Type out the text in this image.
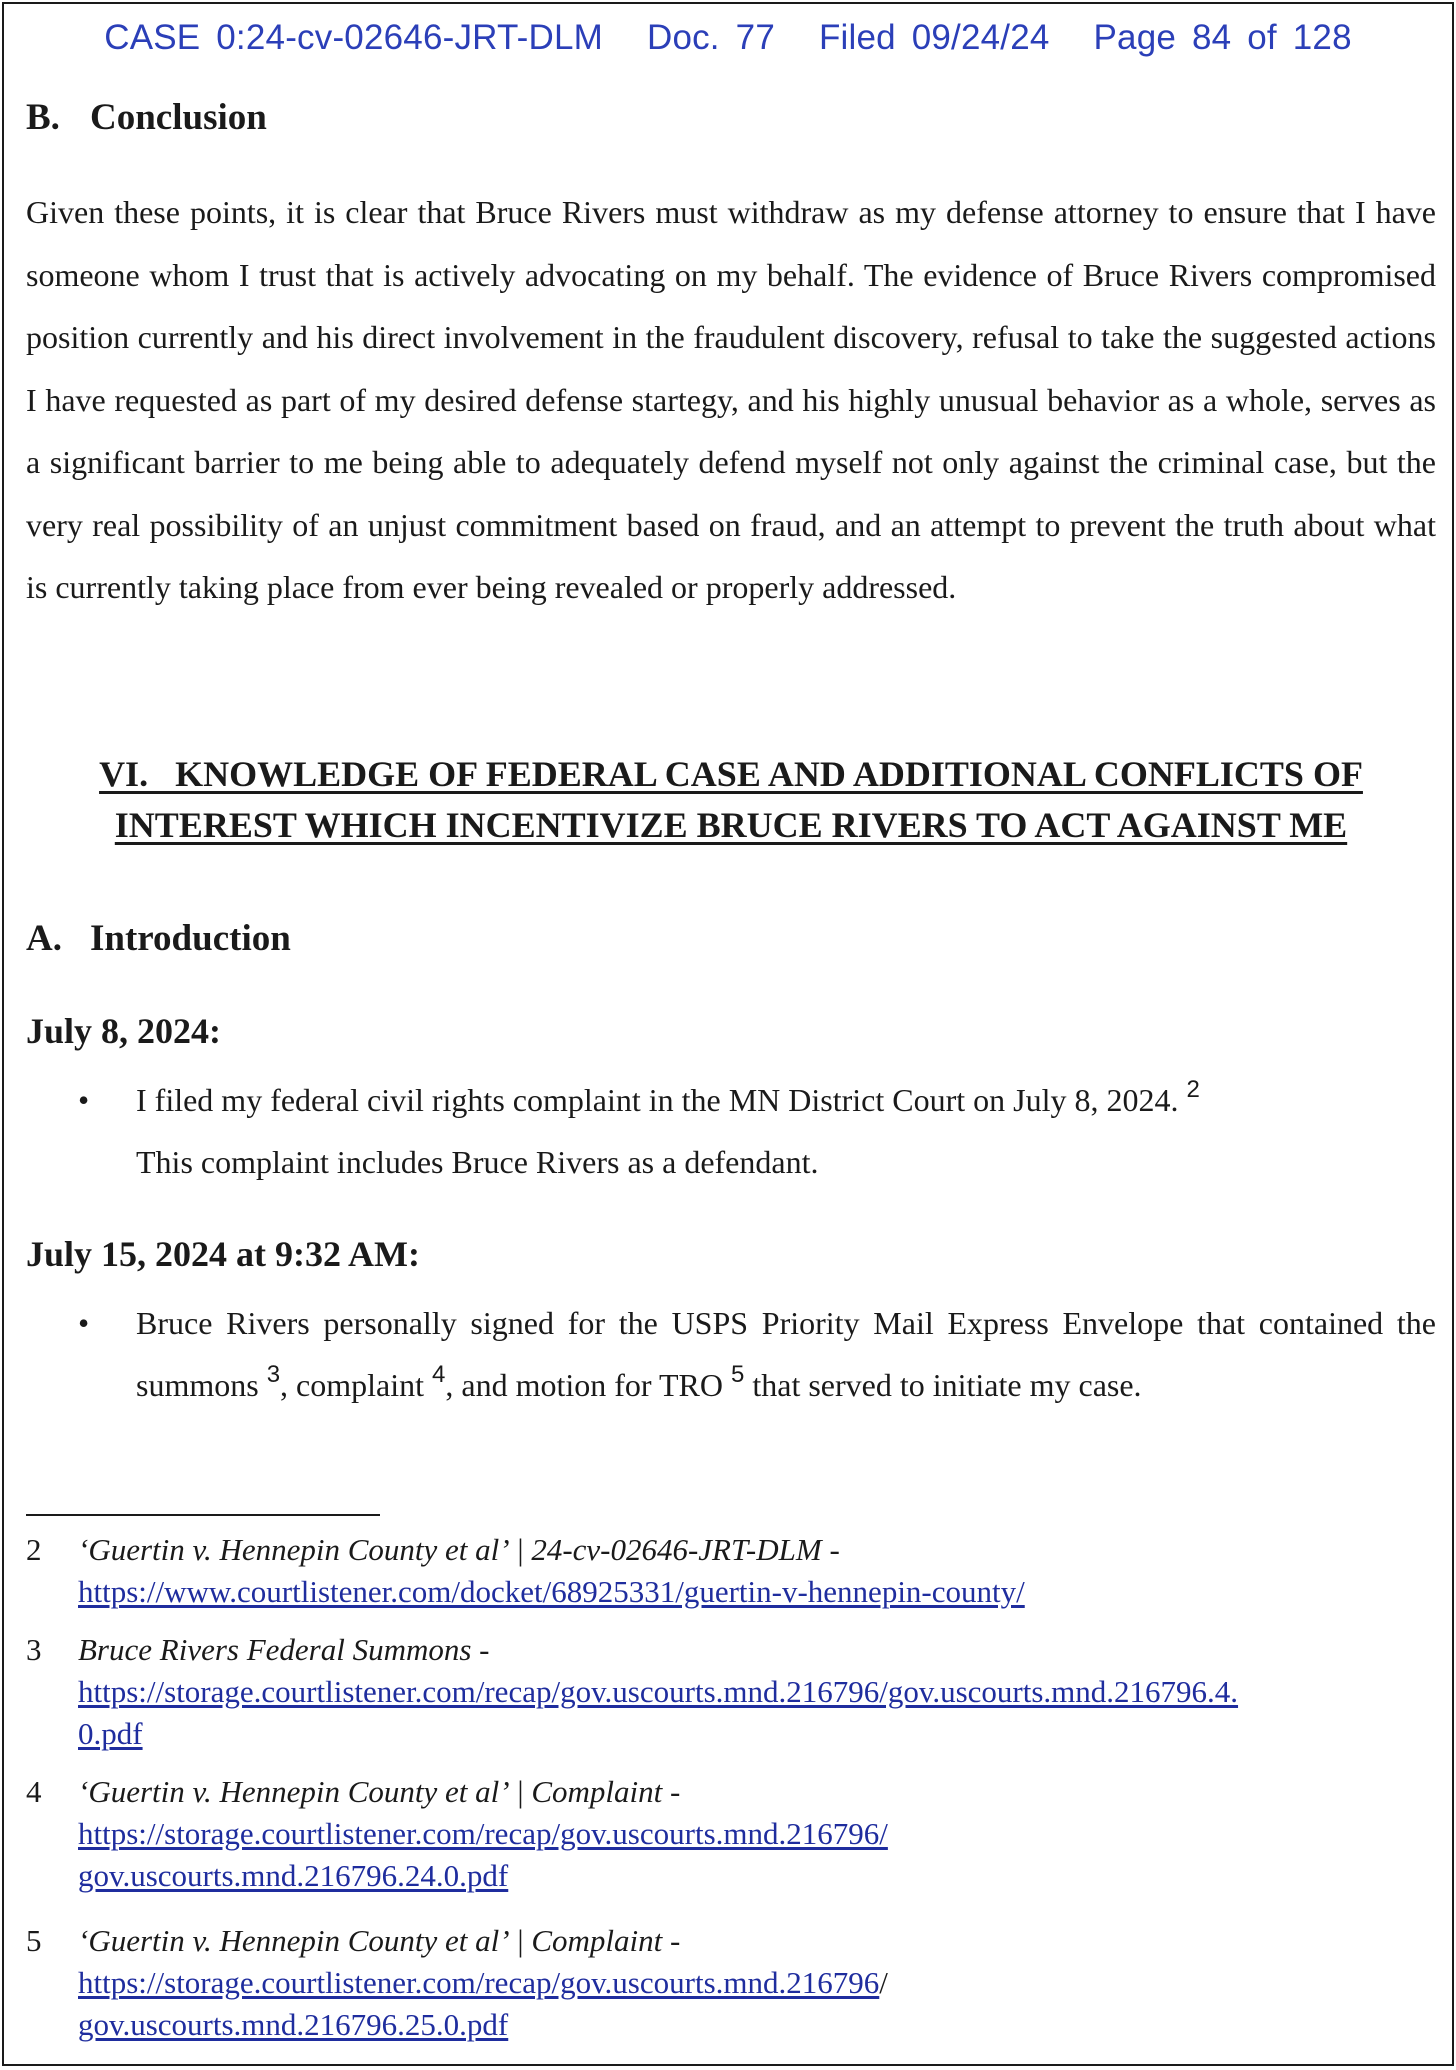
CASE 0:24-cv-02646-JRT-DLM Doc. 77 Filed 09/24/24 Page 84 of 128
B. Conclusion
Given these points, it is clear that Bruce Rivers must withdraw as my defense attorney to ensure that I have someone whom I trust that is actively advocating on my behalf. The evidence of Bruce Rivers compromised position currently and his direct involvement in the fraudulent discovery, refusal to take the suggested actions I have requested as part of my desired defense startegy, and his highly unusual behavior as a whole, serves as a significant barrier to me being able to adequately defend myself not only against the criminal case, but the very real possibility of an unjust commitment based on fraud, and an attempt to prevent the truth about what is currently taking place from ever being revealed or properly addressed.
VI.   KNOWLEDGE OF FEDERAL CASE AND ADDITIONAL CONFLICTS OF
INTEREST WHICH INCENTIVIZE BRUCE RIVERS TO ACT AGAINST ME
A. Introduction
July 8, 2024:
• I filed my federal civil rights complaint in the MN District Court on July 8, 2024. $^2$
This complaint includes Bruce Rivers as a defendant.
July 15, 2024 at 9:32 AM:
• Bruce Rivers personally signed for the USPS Priority Mail Express Envelope that contained the summons $^3$, complaint $^4$, and motion for TRO $^5$ that served to initiate my case.
2 ‘Guertin v. Hennepin County et al’ | 24-cv-02646-JRT-DLM -
https://www.courtlistener.com/docket/68925331/guertin-v-hennepin-county/
3 Bruce Rivers Federal Summons -
https://storage.courtlistener.com/recap/gov.uscourts.mnd.216796/gov.uscourts.mnd.216796.4.
0.pdf
4 ‘Guertin v. Hennepin County et al’ | Complaint -
https://storage.courtlistener.com/recap/gov.uscourts.mnd.216796/
gov.uscourts.mnd.216796.24.0.pdf
5 ‘Guertin v. Hennepin County et al’ | Complaint -
https://storage.courtlistener.com/recap/gov.uscourts.mnd.216796/
gov.uscourts.mnd.216796.25.0.pdf
